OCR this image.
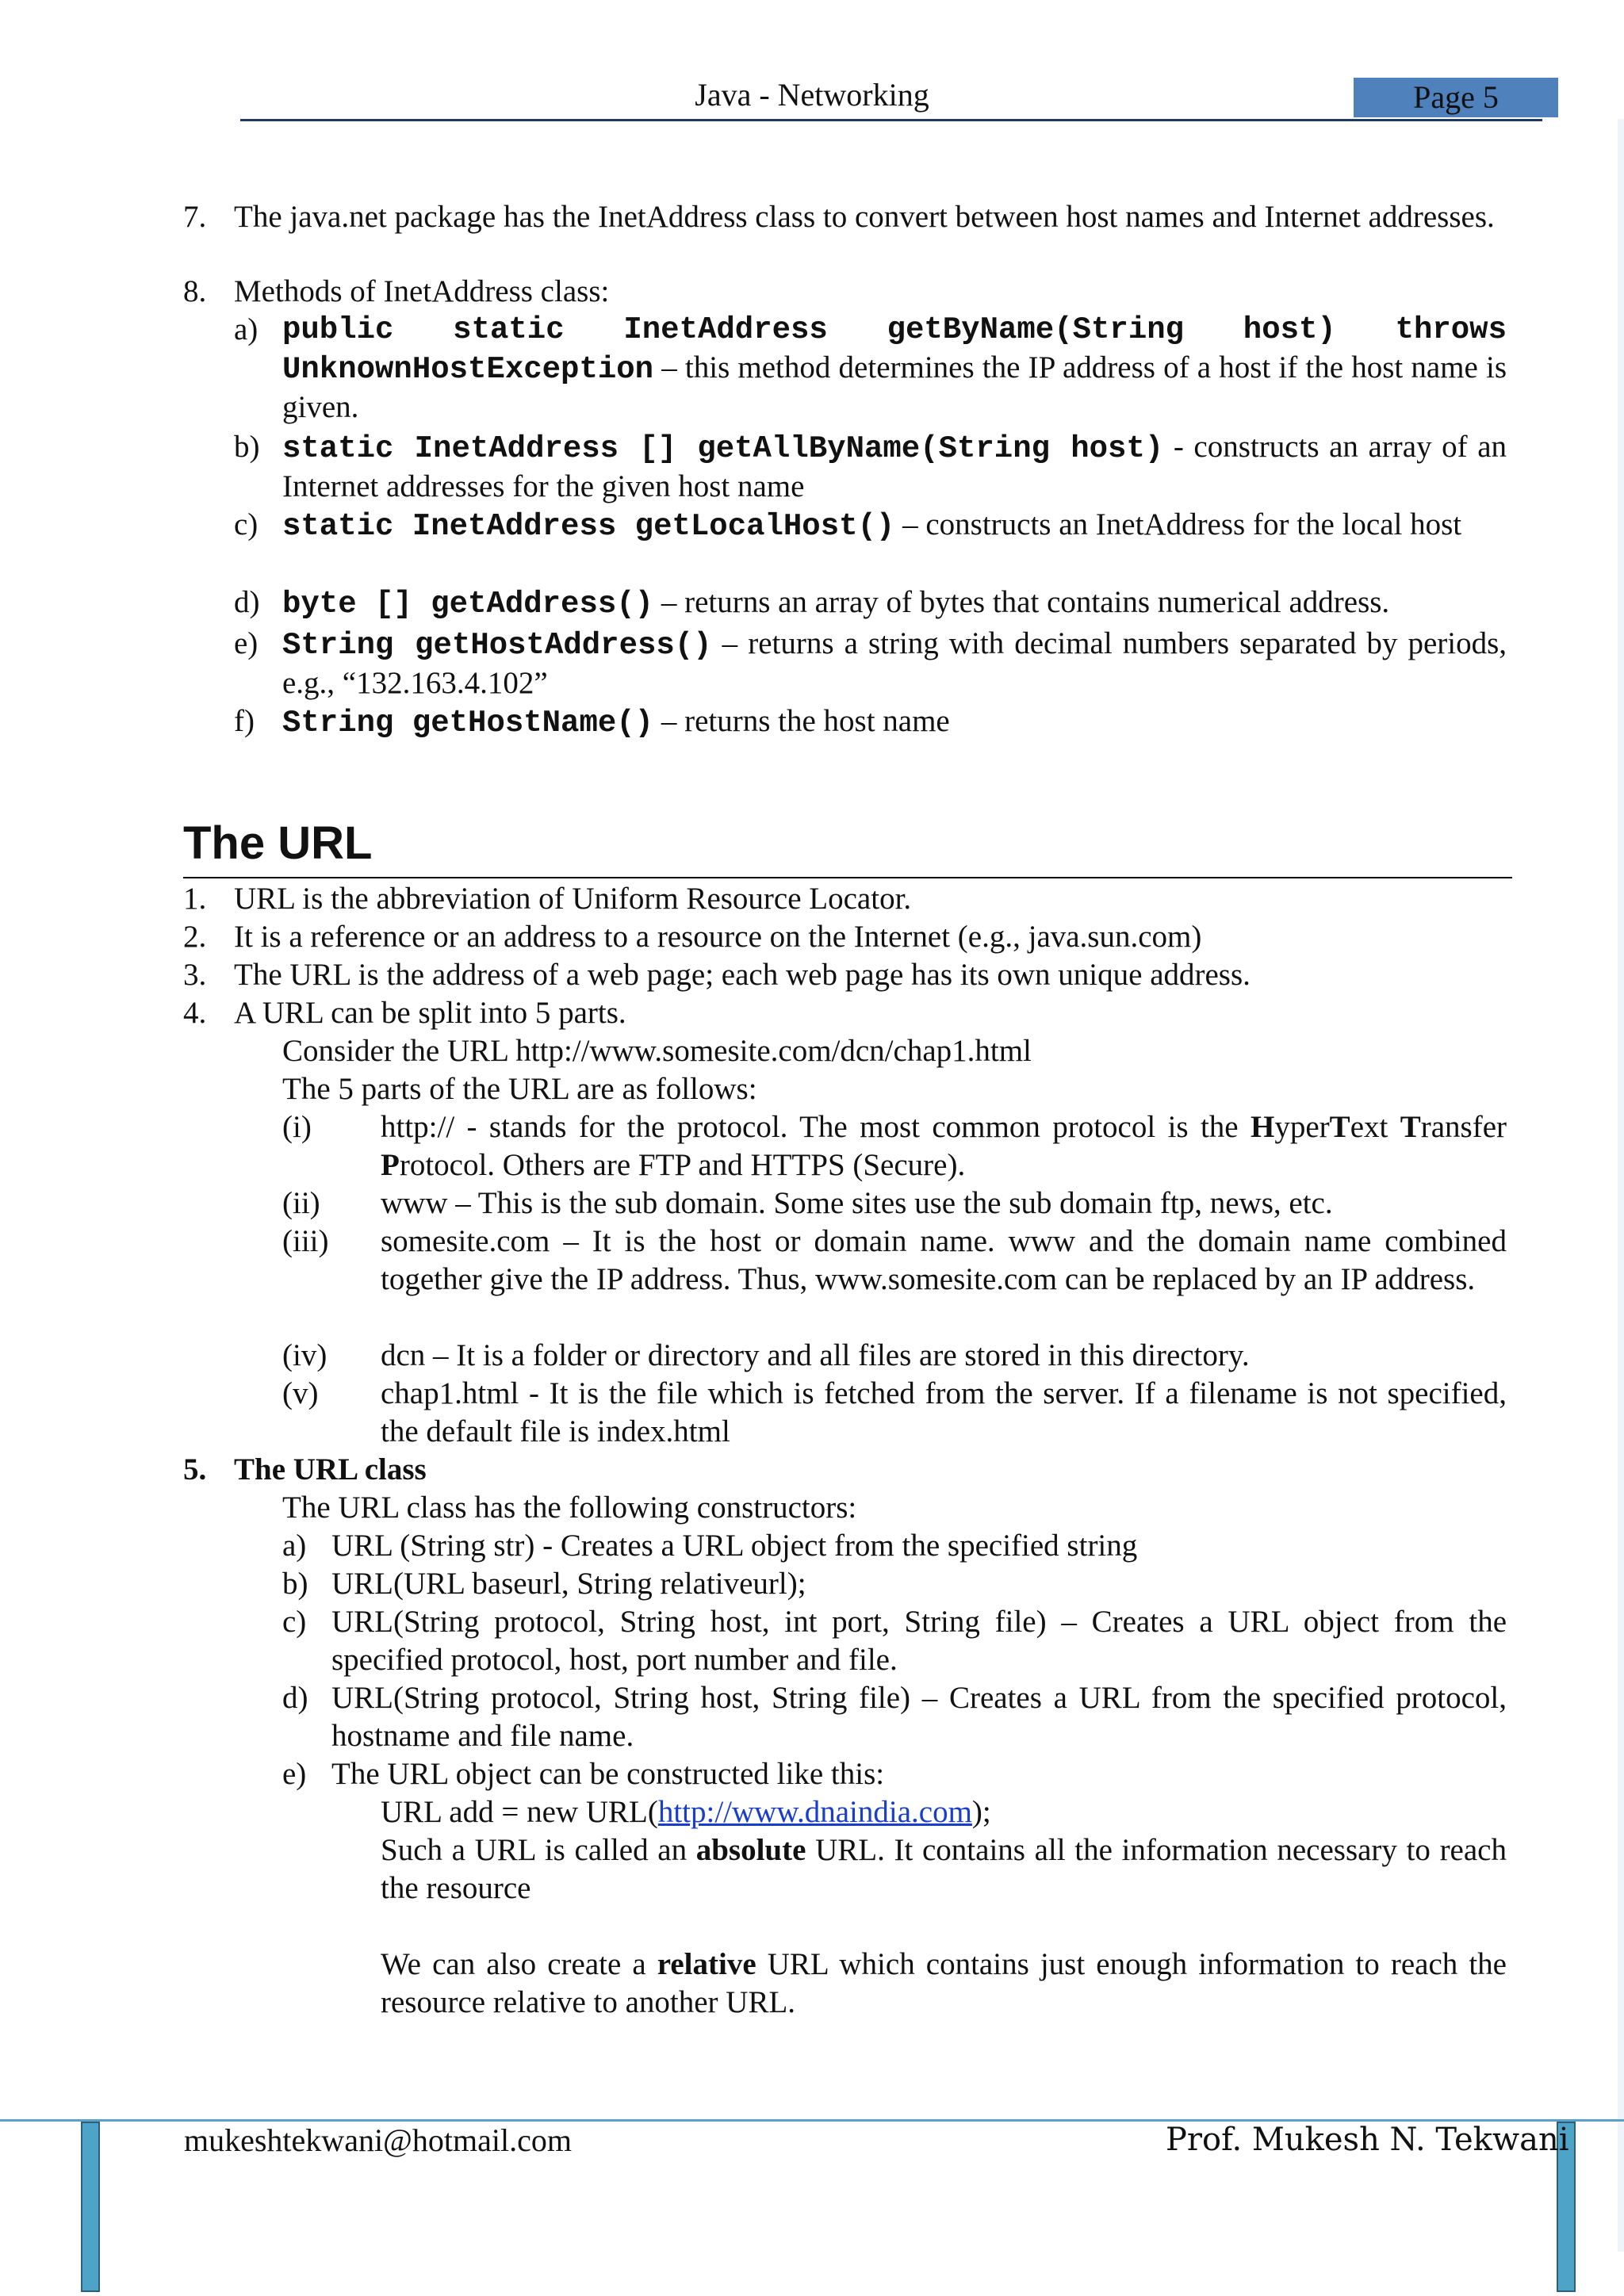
Java - Networking	Page 5
7. The java.net package has the InetAddress class to convert between host names and Internet addresses.
8. Methods of InetAddress class:
a) public static InetAddress getByName(String host) throws
UnknownHostException – this method determines the IP address of a host if the host name is given.
b) static InetAddress [] getAllByName(String host) - constructs an array of an Internet addresses for the given host name
c) static InetAddress getLocalHost() – constructs an InetAddress for the local host
d) byte [] getAddress() – returns an array of bytes that contains numerical address.
e) String getHostAddress() – returns a string with decimal numbers separated by periods, e.g., “132.163.4.102”
f) String getHostName() – returns the host name
The URL
1. URL is the abbreviation of Uniform Resource Locator.
2. It is a reference or an address to a resource on the Internet (e.g., java.sun.com)
3. The URL is the address of a web page; each web page has its own unique address.
4. A URL can be split into 5 parts.
Consider the URL http://www.somesite.com/dcn/chap1.html
The 5 parts of the URL are as follows:
(i) http:// - stands for the protocol. The most common protocol is the HyperText Transfer Protocol. Others are FTP and HTTPS (Secure).
(ii) www – This is the sub domain. Some sites use the sub domain ftp, news, etc.
(iii) somesite.com – It is the host or domain name. www and the domain name combined together give the IP address. Thus, www.somesite.com can be replaced by an IP address.
(iv) dcn – It is a folder or directory and all files are stored in this directory.
(v) chap1.html - It is the file which is fetched from the server. If a filename is not specified, the default file is index.html
5. The URL class
The URL class has the following constructors:
a) URL (String str) - Creates a URL object from the specified string
b) URL(URL baseurl, String relativeurl);
c) URL(String protocol, String host, int port, String file) – Creates a URL object from the specified protocol, host, port number and file.
d) URL(String protocol, String host, String file) – Creates a URL from the specified protocol, hostname and file name.
e) The URL object can be constructed like this:
URL add = new URL(http://www.dnaindia.com);
Such a URL is called an absolute URL. It contains all the information necessary to reach the resource
We can also create a relative URL which contains just enough information to reach the resource relative to another URL.
mukeshtekwani@hotmail.com	Prof. Mukesh N. Tekwani
